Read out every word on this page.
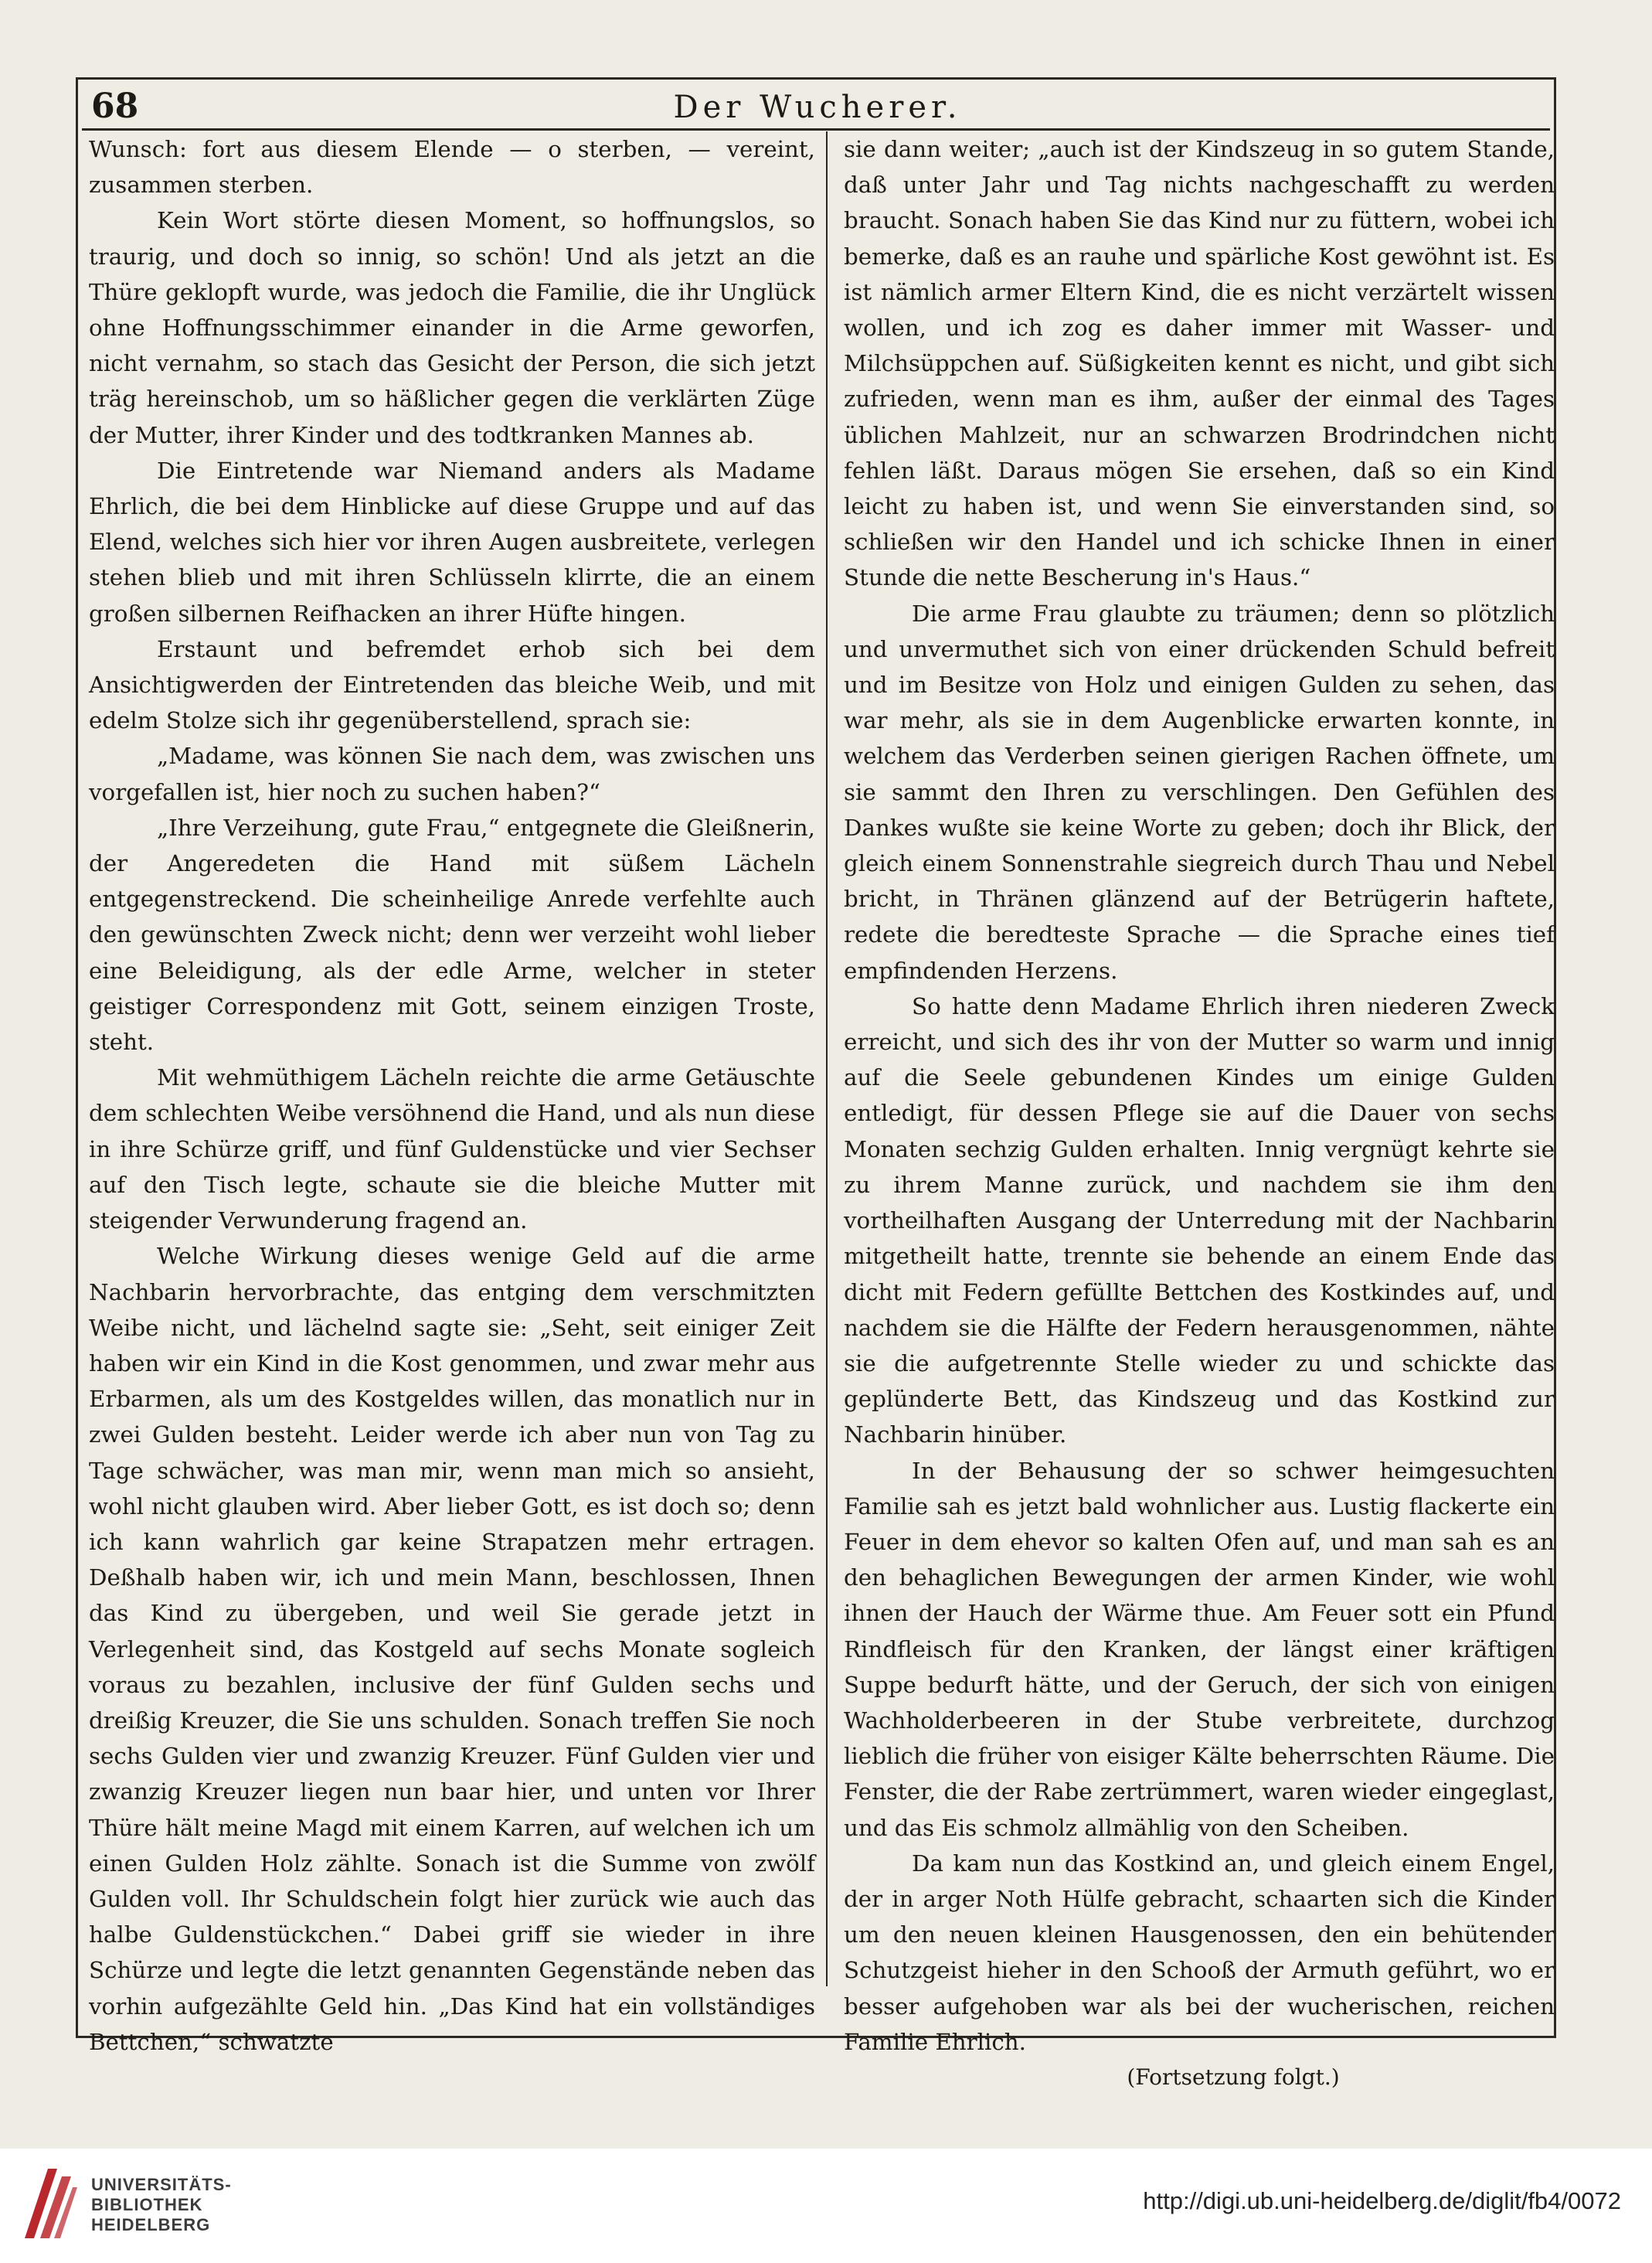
68	Der Wucherer.

Wunsch: fort aus diesem Elende — o sterben, — vereint, zusammen sterben.

Kein Wort störte diesen Moment, so hoffnungslos, so traurig, und doch so innig, so schön! Und als jetzt an die Thüre geklopft wurde, was jedoch die Familie, die ihr Unglück ohne Hoffnungsschimmer einander in die Arme geworfen, nicht vernahm, so stach das Gesicht der Person, die sich jetzt träg hereinschob, um so häßlicher gegen die verklärten Züge der Mutter, ihrer Kinder und des todtkranken Mannes ab.

Die Eintretende war Niemand anders als Madame Ehrlich, die bei dem Hinblicke auf diese Gruppe und auf das Elend, welches sich hier vor ihren Augen ausbreitete, verlegen stehen blieb und mit ihren Schlüsseln klirrte, die an einem großen silbernen Reifhacken an ihrer Hüfte hingen.

Erstaunt und befremdet erhob sich bei dem Ansichtigwerden der Eintretenden das bleiche Weib, und mit edelm Stolze sich ihr gegenüberstellend, sprach sie:

„Madame, was können Sie nach dem, was zwischen uns vorgefallen ist, hier noch zu suchen haben?“

„Ihre Verzeihung, gute Frau,“ entgegnete die Gleißnerin, der Angeredeten die Hand mit süßem Lächeln entgegenstreckend. Die scheinheilige Anrede verfehlte auch den gewünschten Zweck nicht; denn wer verzeiht wohl lieber eine Beleidigung, als der edle Arme, welcher in steter geistiger Correspondenz mit Gott, seinem einzigen Troste, steht.

Mit wehmüthigem Lächeln reichte die arme Getäuschte dem schlechten Weibe versöhnend die Hand, und als nun diese in ihre Schürze griff, und fünf Guldenstücke und vier Sechser auf den Tisch legte, schaute sie die bleiche Mutter mit steigender Verwunderung fragend an.

Welche Wirkung dieses wenige Geld auf die arme Nachbarin hervorbrachte, das entging dem verschmitzten Weibe nicht, und lächelnd sagte sie: „Seht, seit einiger Zeit haben wir ein Kind in die Kost genommen, und zwar mehr aus Erbarmen, als um des Kostgeldes willen, das monatlich nur in zwei Gulden besteht. Leider werde ich aber nun von Tag zu Tage schwächer, was man mir, wenn man mich so ansieht, wohl nicht glauben wird. Aber lieber Gott, es ist doch so; denn ich kann wahrlich gar keine Strapatzen mehr ertragen. Deßhalb haben wir, ich und mein Mann, beschlossen, Ihnen das Kind zu übergeben, und weil Sie gerade jetzt in Verlegenheit sind, das Kostgeld auf sechs Monate sogleich voraus zu bezahlen, inclusive der fünf Gulden sechs und dreißig Kreuzer, die Sie uns schulden. Sonach treffen Sie noch sechs Gulden vier und zwanzig Kreuzer. Fünf Gulden vier und zwanzig Kreuzer liegen nun baar hier, und unten vor Ihrer Thüre hält meine Magd mit einem Karren, auf welchen ich um einen Gulden Holz zählte. Sonach ist die Summe von zwölf Gulden voll. Ihr Schuldschein folgt hier zurück wie auch das halbe Guldenstückchen.“ Dabei griff sie wieder in ihre Schürze und legte die letzt genannten Gegenstände neben das vorhin aufgezählte Geld hin. „Das Kind hat ein vollständiges Bettchen,“ schwatzte

sie dann weiter; „auch ist der Kindszeug in so gutem Stande, daß unter Jahr und Tag nichts nachgeschafft zu werden braucht. Sonach haben Sie das Kind nur zu füttern, wobei ich bemerke, daß es an rauhe und spärliche Kost gewöhnt ist. Es ist nämlich armer Eltern Kind, die es nicht verzärtelt wissen wollen, und ich zog es daher immer mit Wasser- und Milchsüppchen auf. Süßigkeiten kennt es nicht, und gibt sich zufrieden, wenn man es ihm, außer der einmal des Tages üblichen Mahlzeit, nur an schwarzen Brodrindchen nicht fehlen läßt. Daraus mögen Sie ersehen, daß so ein Kind leicht zu haben ist, und wenn Sie einverstanden sind, so schließen wir den Handel und ich schicke Ihnen in einer Stunde die nette Bescherung in's Haus.“

Die arme Frau glaubte zu träumen; denn so plötzlich und unvermuthet sich von einer drückenden Schuld befreit und im Besitze von Holz und einigen Gulden zu sehen, das war mehr, als sie in dem Augenblicke erwarten konnte, in welchem das Verderben seinen gierigen Rachen öffnete, um sie sammt den Ihren zu verschlingen. Den Gefühlen des Dankes wußte sie keine Worte zu geben; doch ihr Blick, der gleich einem Sonnenstrahle siegreich durch Thau und Nebel bricht, in Thränen glänzend auf der Betrügerin haftete, redete die beredteste Sprache — die Sprache eines tief empfindenden Herzens.

So hatte denn Madame Ehrlich ihren niederen Zweck erreicht, und sich des ihr von der Mutter so warm und innig auf die Seele gebundenen Kindes um einige Gulden entledigt, für dessen Pflege sie auf die Dauer von sechs Monaten sechzig Gulden erhalten. Innig vergnügt kehrte sie zu ihrem Manne zurück, und nachdem sie ihm den vortheilhaften Ausgang der Unterredung mit der Nachbarin mitgetheilt hatte, trennte sie behende an einem Ende das dicht mit Federn gefüllte Bettchen des Kostkindes auf, und nachdem sie die Hälfte der Federn herausgenommen, nähte sie die aufgetrennte Stelle wieder zu und schickte das geplünderte Bett, das Kindszeug und das Kostkind zur Nachbarin hinüber.

In der Behausung der so schwer heimgesuchten Familie sah es jetzt bald wohnlicher aus. Lustig flackerte ein Feuer in dem ehevor so kalten Ofen auf, und man sah es an den behaglichen Bewegungen der armen Kinder, wie wohl ihnen der Hauch der Wärme thue. Am Feuer sott ein Pfund Rindfleisch für den Kranken, der längst einer kräftigen Suppe bedurft hätte, und der Geruch, der sich von einigen Wachholderbeeren in der Stube verbreitete, durchzog lieblich die früher von eisiger Kälte beherrschten Räume. Die Fenster, die der Rabe zertrümmert, waren wieder eingeglast, und das Eis schmolz allmählig von den Scheiben.

Da kam nun das Kostkind an, und gleich einem Engel, der in arger Noth Hülfe gebracht, schaarten sich die Kinder um den neuen kleinen Hausgenossen, den ein behütender Schutzgeist hieher in den Schooß der Armuth geführt, wo er besser aufgehoben war als bei der wucherischen, reichen Familie Ehrlich.

(Fortsetzung folgt.)

UNIVERSITÄTS-
BIBLIOTHEK
HEIDELBERG
http://digi.ub.uni-heidelberg.de/diglit/fb4/0072
